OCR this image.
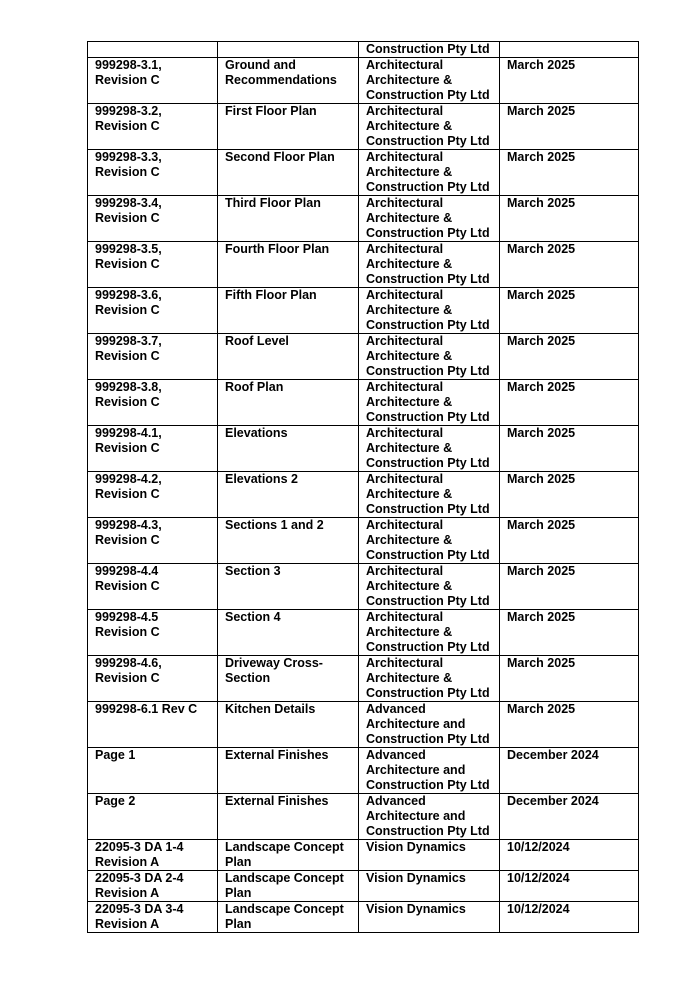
		Construction Pty Ltd	
999298-3.1, Revision C	Ground and Recommendations	Architectural Architecture & Construction Pty Ltd	March 2025
999298-3.2, Revision C	First Floor Plan	Architectural Architecture & Construction Pty Ltd	March 2025
999298-3.3, Revision C	Second Floor Plan	Architectural Architecture & Construction Pty Ltd	March 2025
999298-3.4, Revision C	Third Floor Plan	Architectural Architecture & Construction Pty Ltd	March 2025
999298-3.5, Revision C	Fourth Floor Plan	Architectural Architecture & Construction Pty Ltd	March 2025
999298-3.6, Revision C	Fifth Floor Plan	Architectural Architecture & Construction Pty Ltd	March 2025
999298-3.7, Revision C	Roof Level	Architectural Architecture & Construction Pty Ltd	March 2025
999298-3.8, Revision C	Roof Plan	Architectural Architecture & Construction Pty Ltd	March 2025
999298-4.1, Revision C	Elevations	Architectural Architecture & Construction Pty Ltd	March 2025
999298-4.2, Revision C	Elevations 2	Architectural Architecture & Construction Pty Ltd	March 2025
999298-4.3, Revision C	Sections 1 and 2	Architectural Architecture & Construction Pty Ltd	March 2025
999298-4.4 Revision C	Section 3	Architectural Architecture & Construction Pty Ltd	March 2025
999298-4.5 Revision C	Section 4	Architectural Architecture & Construction Pty Ltd	March 2025
999298-4.6, Revision C	Driveway Cross-Section	Architectural Architecture & Construction Pty Ltd	March 2025
999298-6.1 Rev C	Kitchen Details	Advanced Architecture and Construction Pty Ltd	March 2025
Page 1	External Finishes	Advanced Architecture and Construction Pty Ltd	December 2024
Page 2	External Finishes	Advanced Architecture and Construction Pty Ltd	December 2024
22095-3 DA 1-4 Revision A	Landscape Concept Plan	Vision Dynamics	10/12/2024
22095-3 DA 2-4 Revision A	Landscape Concept Plan	Vision Dynamics	10/12/2024
22095-3 DA 3-4 Revision A	Landscape Concept Plan	Vision Dynamics	10/12/2024
